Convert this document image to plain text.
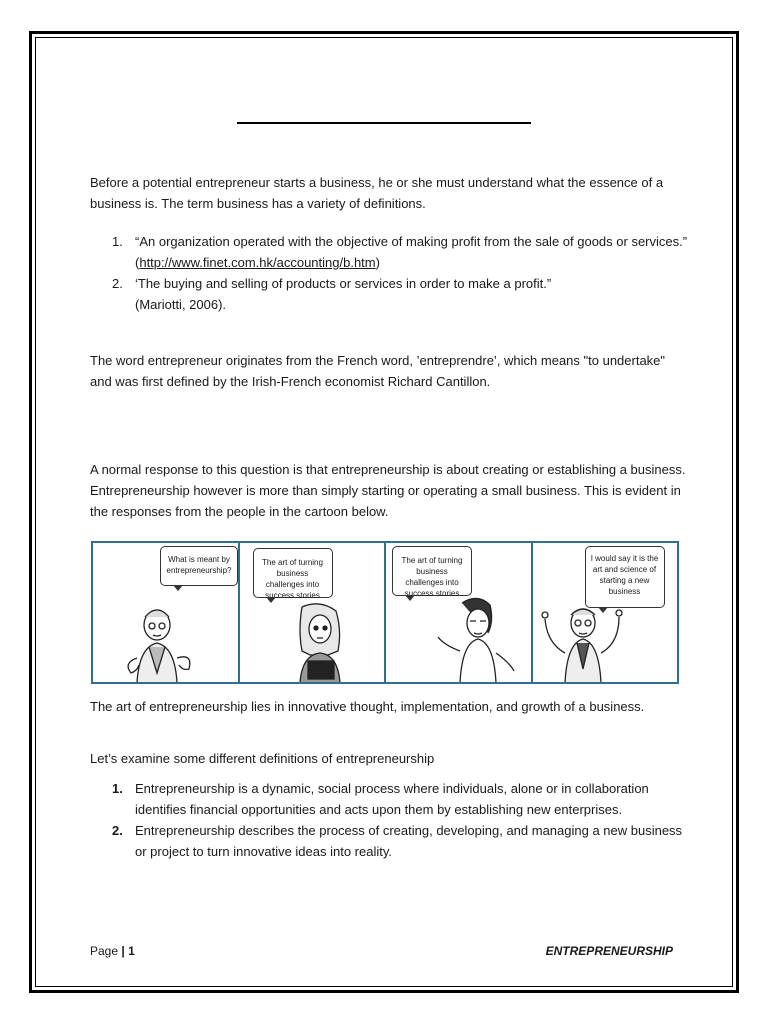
Before a potential entrepreneur starts a business, he or she must understand what the essence of a business is. The term business has a variety of definitions.

1. “An organization operated with the objective of making profit from the sale of goods or services.” (http://www.finet.com.hk/accounting/b.htm)
2. ‘The buying and selling of products or services in order to make a profit.”
(Mariotti, 2006).

The word entrepreneur originates from the French word, ’entreprendre’, which means "to undertake" and was first defined by the Irish-French economist Richard Cantillon.

A normal response to this question is that entrepreneurship is about creating or establishing a business. Entrepreneurship however is more than simply starting or operating a small business. This is evident in the responses from the people in the cartoon below.

What is meant by entrepreneurship?
The art of turning business challenges into success stories
The art of turning business challenges into success stories
I would say it is the art and science of starting a new business

The art of entrepreneurship lies in innovative thought, implementation, and growth of a business.

Let’s examine some different definitions of entrepreneurship

1. Entrepreneurship is a dynamic, social process where individuals, alone or in collaboration identifies financial opportunities and acts upon them by establishing new enterprises.
2. Entrepreneurship describes the process of creating, developing, and managing a new business or project to turn innovative ideas into reality.
Page | 1	ENTREPRENEURSHIP
